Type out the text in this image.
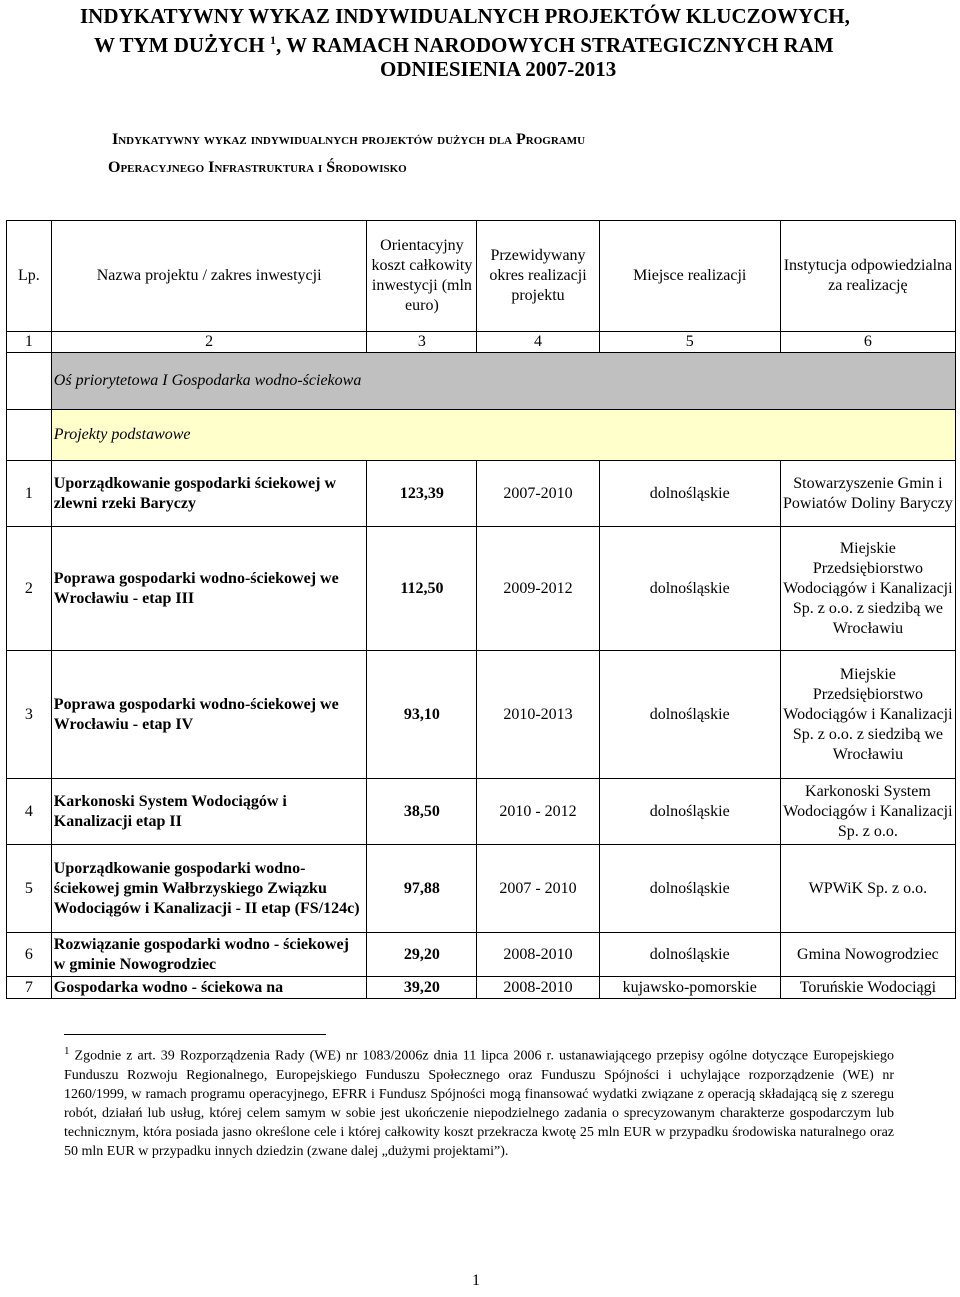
INDYKATYWNY WYKAZ INDYWIDUALNYCH PROJEKTÓW KLUCZOWYCH,
W TYM DUŻYCH $^1$, W RAMACH NARODOWYCH STRATEGICZNYCH RAM
ODNIESIENIA 2007-2013
Indykatywny wykaz indywidualnych projektów dużych dla Programu
Operacyjnego Infrastruktura i Środowisko
Lp.	Nazwa projektu / zakres inwestycji	Orientacyjny koszt całkowity inwestycji (mln euro)	Przewidywany okres realizacji projektu	Miejsce realizacji	Instytucja odpowiedzialna za realizację
1	2	3	4	5	6
	Oś priorytetowa I Gospodarka wodno-ściekowa				
	Projekty podstawowe				
1	Uporządkowanie gospodarki ściekowej w zlewni rzeki Baryczy	123,39	2007-2010	dolnośląskie	Stowarzyszenie Gmin i Powiatów Doliny Baryczy
2	Poprawa gospodarki wodno-ściekowej we Wrocławiu - etap III	112,50	2009-2012	dolnośląskie	Miejskie Przedsiębiorstwo Wodociągów i Kanalizacji Sp. z o.o. z siedzibą we Wrocławiu
3	Poprawa gospodarki wodno-ściekowej we Wrocławiu - etap IV	93,10	2010-2013	dolnośląskie	Miejskie Przedsiębiorstwo Wodociągów i Kanalizacji Sp. z o.o. z siedzibą we Wrocławiu
4	Karkonoski System Wodociągów i Kanalizacji etap II	38,50	2010 - 2012	dolnośląskie	Karkonoski System Wodociągów i Kanalizacji Sp. z o.o.
5	Uporządkowanie gospodarki wodno-ściekowej gmin Wałbrzyskiego Związku Wodociągów i Kanalizacji - II etap (FS/124c)	97,88	2007 - 2010	dolnośląskie	WPWiK Sp. z o.o.
6	Rozwiązanie gospodarki wodno - ściekowej w gminie Nowogrodziec	29,20	2008-2010	dolnośląskie	Gmina Nowogrodziec
7	Gospodarka wodno - ściekowa na	39,20	2008-2010	kujawsko-pomorskie	Toruńskie Wodociągi
$^1$ Zgodnie z art. 39 Rozporządzenia Rady (WE) nr 1083/2006z dnia 11 lipca 2006 r. ustanawiającego przepisy ogólne dotyczące Europejskiego Funduszu Rozwoju Regionalnego, Europejskiego Funduszu Społecznego oraz Funduszu Spójności i uchylające rozporządzenie (WE) nr 1260/1999, w ramach programu operacyjnego, EFRR i Fundusz Spójności mogą finansować wydatki związane z operacją składającą się z szeregu robót, działań lub usług, której celem samym w sobie jest ukończenie niepodzielnego zadania o sprecyzowanym charakterze gospodarczym lub technicznym, która posiada jasno określone cele i której całkowity koszt przekracza kwotę 25 mln EUR w przypadku środowiska naturalnego oraz 50 mln EUR w przypadku innych dziedzin (zwane dalej „dużymi projektami”).
1
